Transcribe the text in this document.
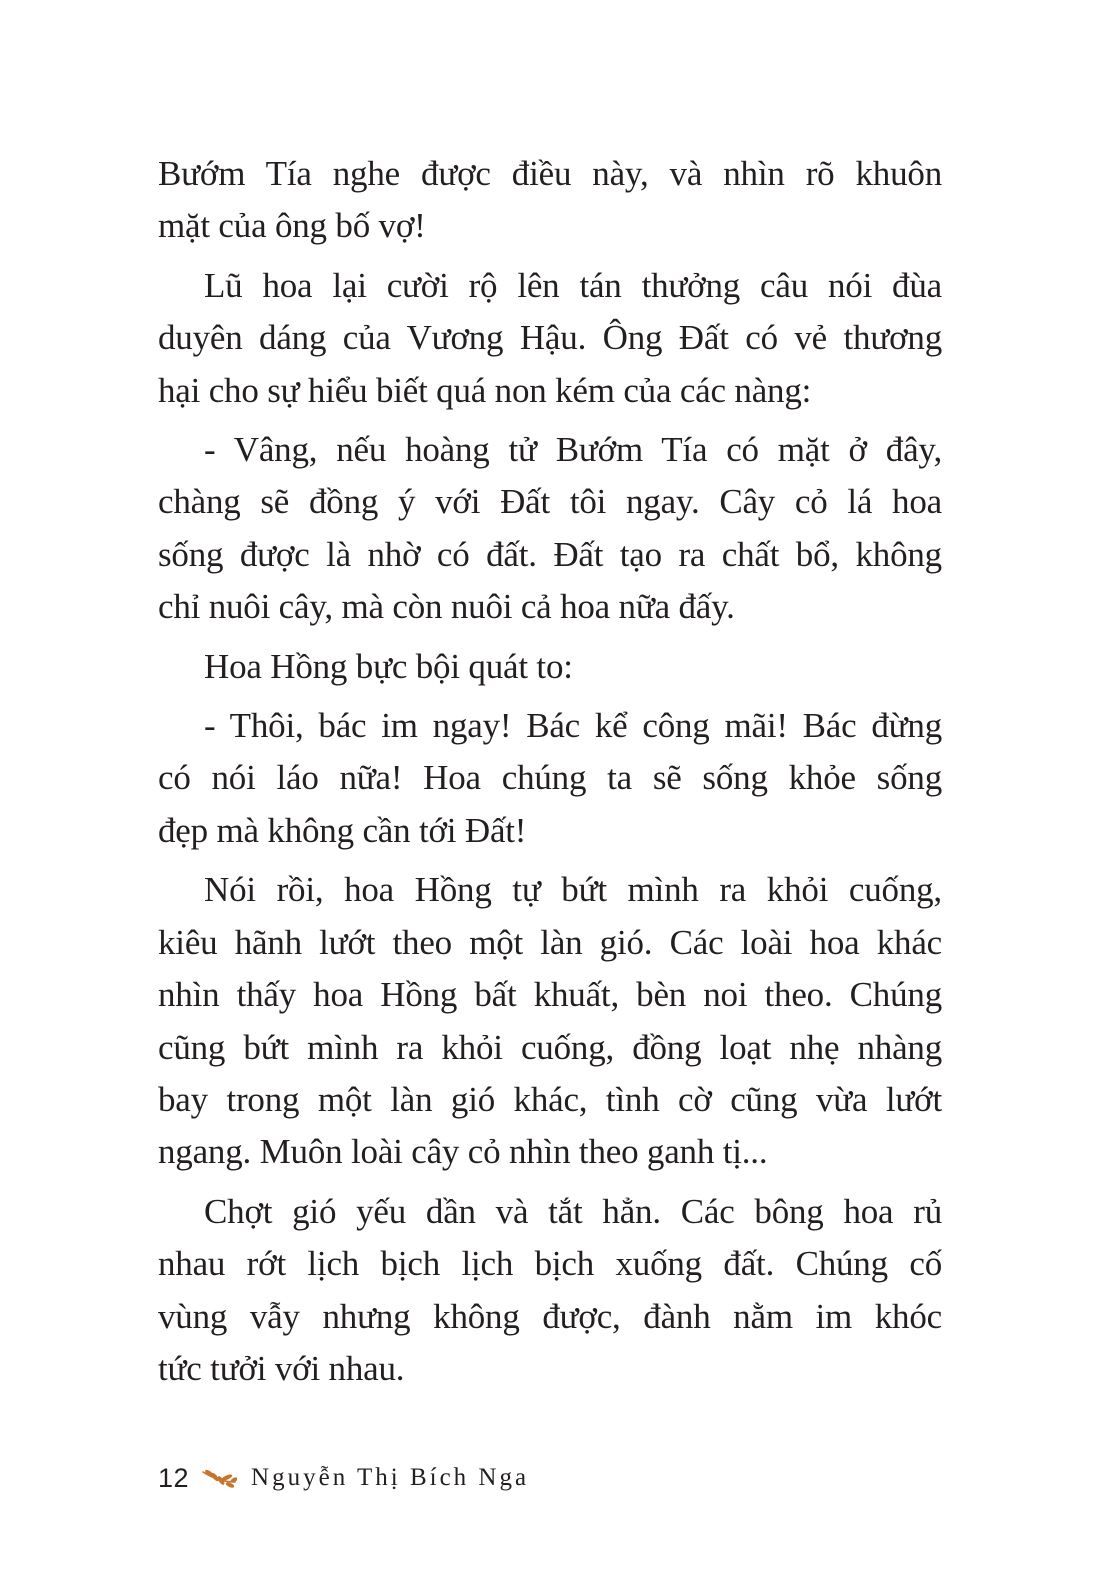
Bướm Tía nghe được điều này, và nhìn rõ khuôn
mặt của ông bố vợ!
Lũ hoa lại cười rộ lên tán thưởng câu nói đùa
duyên dáng của Vương Hậu. Ông Đất có vẻ thương
hại cho sự hiểu biết quá non kém của các nàng:
- Vâng, nếu hoàng tử Bướm Tía có mặt ở đây,
chàng sẽ đồng ý với Đất tôi ngay. Cây cỏ lá hoa
sống được là nhờ có đất. Đất tạo ra chất bổ, không
chỉ nuôi cây, mà còn nuôi cả hoa nữa đấy.
Hoa Hồng bực bội quát to:
- Thôi, bác im ngay! Bác kể công mãi! Bác đừng
có nói láo nữa! Hoa chúng ta sẽ sống khỏe sống
đẹp mà không cần tới Đất!
Nói rồi, hoa Hồng tự bứt mình ra khỏi cuống,
kiêu hãnh lướt theo một làn gió. Các loài hoa khác
nhìn thấy hoa Hồng bất khuất, bèn noi theo. Chúng
cũng bứt mình ra khỏi cuống, đồng loạt nhẹ nhàng
bay trong một làn gió khác, tình cờ cũng vừa lướt
ngang. Muôn loài cây cỏ nhìn theo ganh tị...
Chợt gió yếu dần và tắt hẳn. Các bông hoa rủ
nhau rớt lịch bịch lịch bịch xuống đất. Chúng cố
vùng vẫy nhưng không được, đành nằm im khóc
tức tưởi với nhau.
12 Nguyễn Thị Bích Nga
